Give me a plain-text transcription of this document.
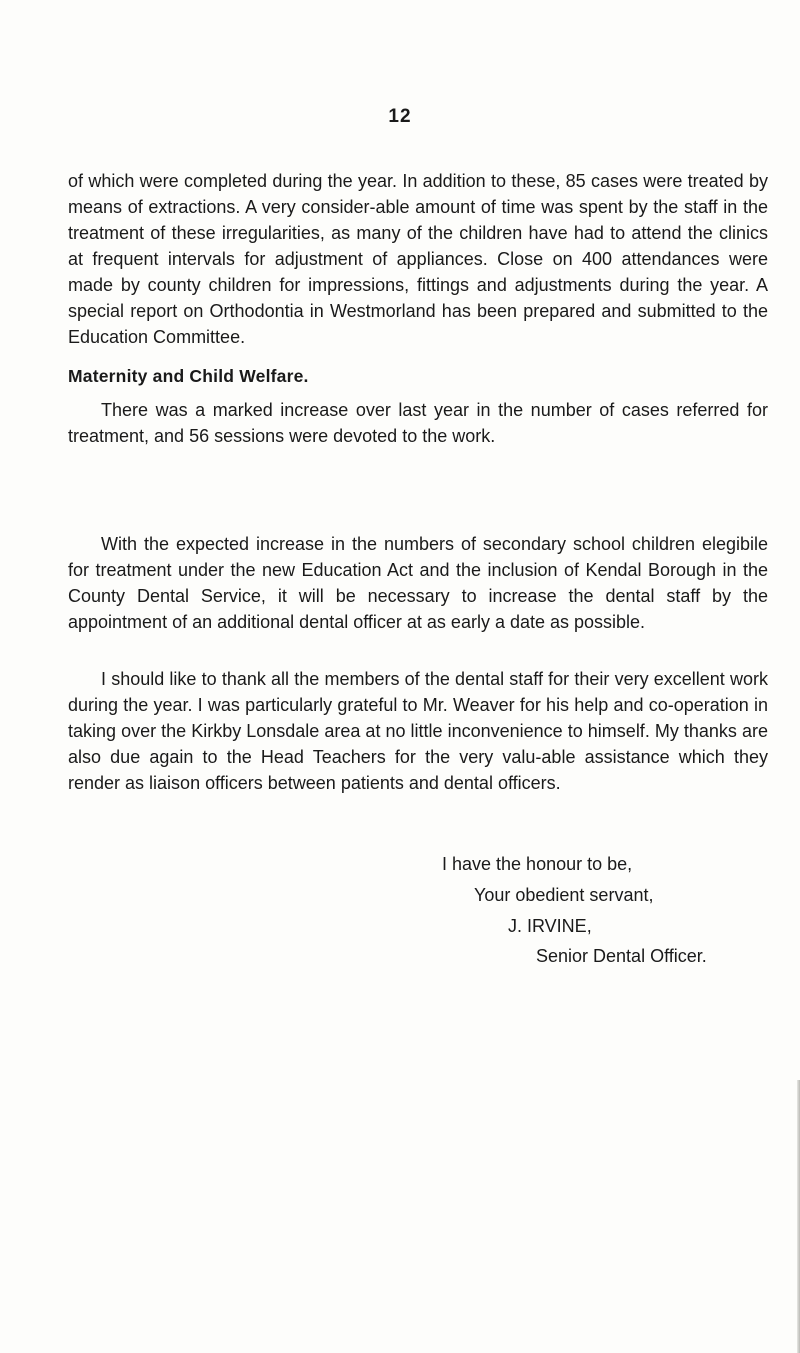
12

of which were completed during the year. In addition to these, 85 cases were treated by means of extractions. A very consider-able amount of time was spent by the staff in the treatment of these irregularities, as many of the children have had to attend the clinics at frequent intervals for adjustment of appliances. Close on 400 attendances were made by county children for impressions, fittings and adjustments during the year. A special report on Orthodontia in Westmorland has been prepared and submitted to the Education Committee.

Maternity and Child Welfare.

There was a marked increase over last year in the number of cases referred for treatment, and 56 sessions were devoted to the work.

With the expected increase in the numbers of secondary school children elegibile for treatment under the new Education Act and the inclusion of Kendal Borough in the County Dental Service, it will be necessary to increase the dental staff by the appointment of an additional dental officer at as early a date as possible.

I should like to thank all the members of the dental staff for their very excellent work during the year. I was particularly grateful to Mr. Weaver for his help and co-operation in taking over the Kirkby Lonsdale area at no little inconvenience to himself. My thanks are also due again to the Head Teachers for the very valu-able assistance which they render as liaison officers between patients and dental officers.

I have the honour to be,

Your obedient servant,

J. IRVINE,

Senior Dental Officer.
